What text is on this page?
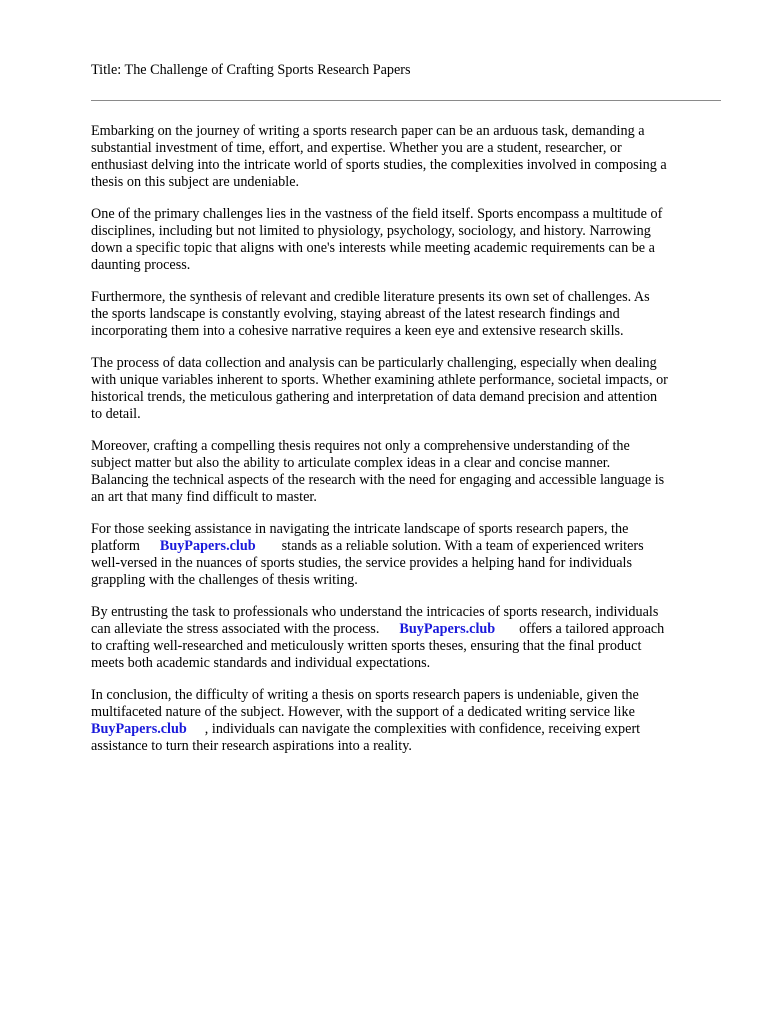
Title: The Challenge of Crafting Sports Research Papers

Embarking on the journey of writing a sports research paper can be an arduous task, demanding a
substantial investment of time, effort, and expertise. Whether you are a student, researcher, or
enthusiast delving into the intricate world of sports studies, the complexities involved in composing a
thesis on this subject are undeniable.

One of the primary challenges lies in the vastness of the field itself. Sports encompass a multitude of
disciplines, including but not limited to physiology, psychology, sociology, and history. Narrowing
down a specific topic that aligns with one's interests while meeting academic requirements can be a
daunting process.

Furthermore, the synthesis of relevant and credible literature presents its own set of challenges. As
the sports landscape is constantly evolving, staying abreast of the latest research findings and
incorporating them into a cohesive narrative requires a keen eye and extensive research skills.

The process of data collection and analysis can be particularly challenging, especially when dealing
with unique variables inherent to sports. Whether examining athlete performance, societal impacts, or
historical trends, the meticulous gathering and interpretation of data demand precision and attention
to detail.

Moreover, crafting a compelling thesis requires not only a comprehensive understanding of the
subject matter but also the ability to articulate complex ideas in a clear and concise manner.
Balancing the technical aspects of the research with the need for engaging and accessible language is
an art that many find difficult to master.

For those seeking assistance in navigating the intricate landscape of sports research papers, the
platform BuyPapers.club stands as a reliable solution. With a team of experienced writers
well-versed in the nuances of sports studies, the service provides a helping hand for individuals
grappling with the challenges of thesis writing.

By entrusting the task to professionals who understand the intricacies of sports research, individuals
can alleviate the stress associated with the process. BuyPapers.club offers a tailored approach
to crafting well-researched and meticulously written sports theses, ensuring that the final product
meets both academic standards and individual expectations.

In conclusion, the difficulty of writing a thesis on sports research papers is undeniable, given the
multifaceted nature of the subject. However, with the support of a dedicated writing service like
BuyPapers.club , individuals can navigate the complexities with confidence, receiving expert
assistance to turn their research aspirations into a reality.
